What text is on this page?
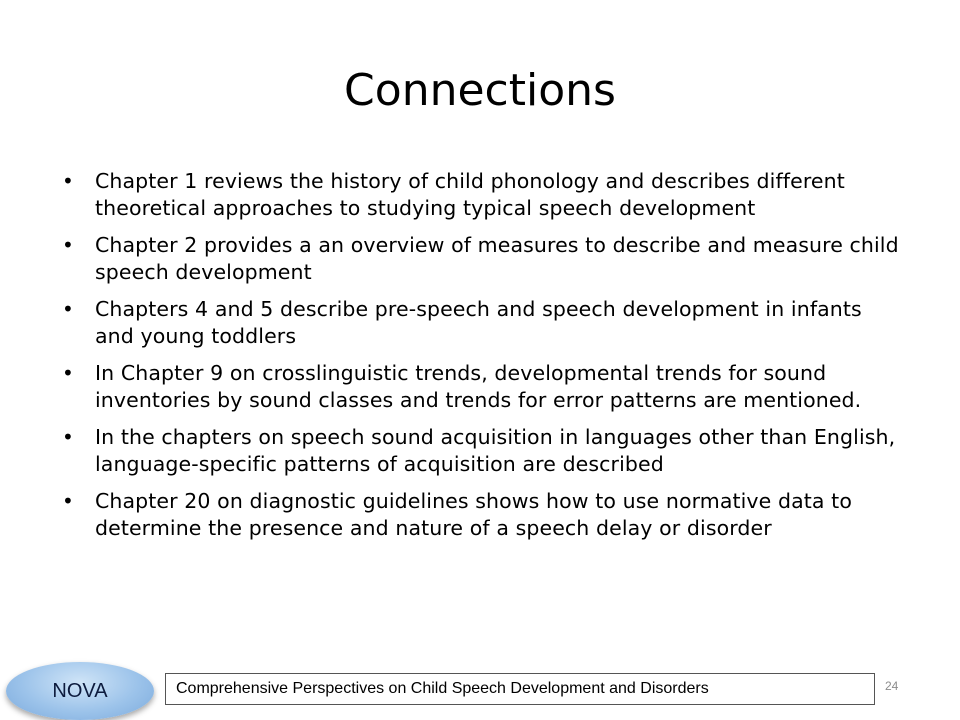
Connections
• Chapter 1 reviews the history of child phonology and describes different theoretical approaches to studying typical speech development
• Chapter 2 provides a an overview of measures to describe and measure child speech development
• Chapters 4 and 5 describe pre-speech and speech development in infants and young toddlers
• In Chapter 9 on crosslinguistic trends, developmental trends for sound inventories by sound classes and trends for error patterns are mentioned.
• In the chapters on speech sound acquisition in languages other than English, language-specific patterns of acquisition are described
• Chapter 20 on diagnostic guidelines shows how to use normative data to determine the presence and nature of a speech delay or disorder
NOVA	Comprehensive Perspectives on Child Speech Development and Disorders	24
